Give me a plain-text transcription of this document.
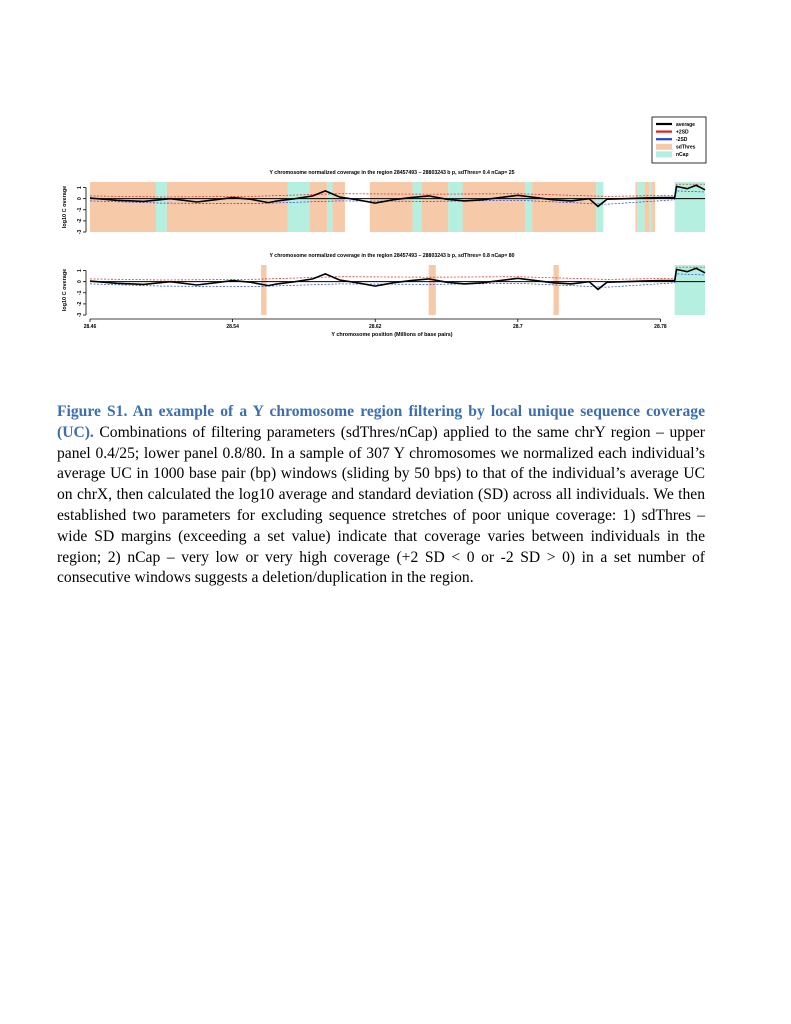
average
+2SD
-2SD
sdThres
nCap
Y chromosome normalized coverage in the region 28457493 – 28803243 b p, sdThres= 0.4 nCap= 25
log10 C overage 1
0
-1
-2
-3
Y chromosome normalized coverage in the region 28457493 – 28803243 b p, sdThres= 0.8 nCap= 80
log10 C overage 1
0
-1
-2
-3
28.46	28.54	28.62	28.7	28.78
Y chromosome position (Millions of base pairs)
Figure S1. An example of a Y chromosome region filtering by local unique sequence coverage (UC). Combinations of filtering parameters (sdThres/nCap) applied to the same chrY region – upper panel 0.4/25; lower panel 0.8/80. In a sample of 307 Y chromosomes we normalized each individual’s average UC in 1000 base pair (bp) windows (sliding by 50 bps) to that of the individual’s average UC on chrX, then calculated the log10 average and standard deviation (SD) across all individuals. We then established two parameters for excluding sequence stretches of poor unique coverage: 1) sdThres – wide SD margins (exceeding a set value) indicate that coverage varies between individuals in the region; 2) nCap – very low or very high coverage (+2 SD < 0 or -2 SD > 0) in a set number of consecutive windows suggests a deletion/duplication in the region.
